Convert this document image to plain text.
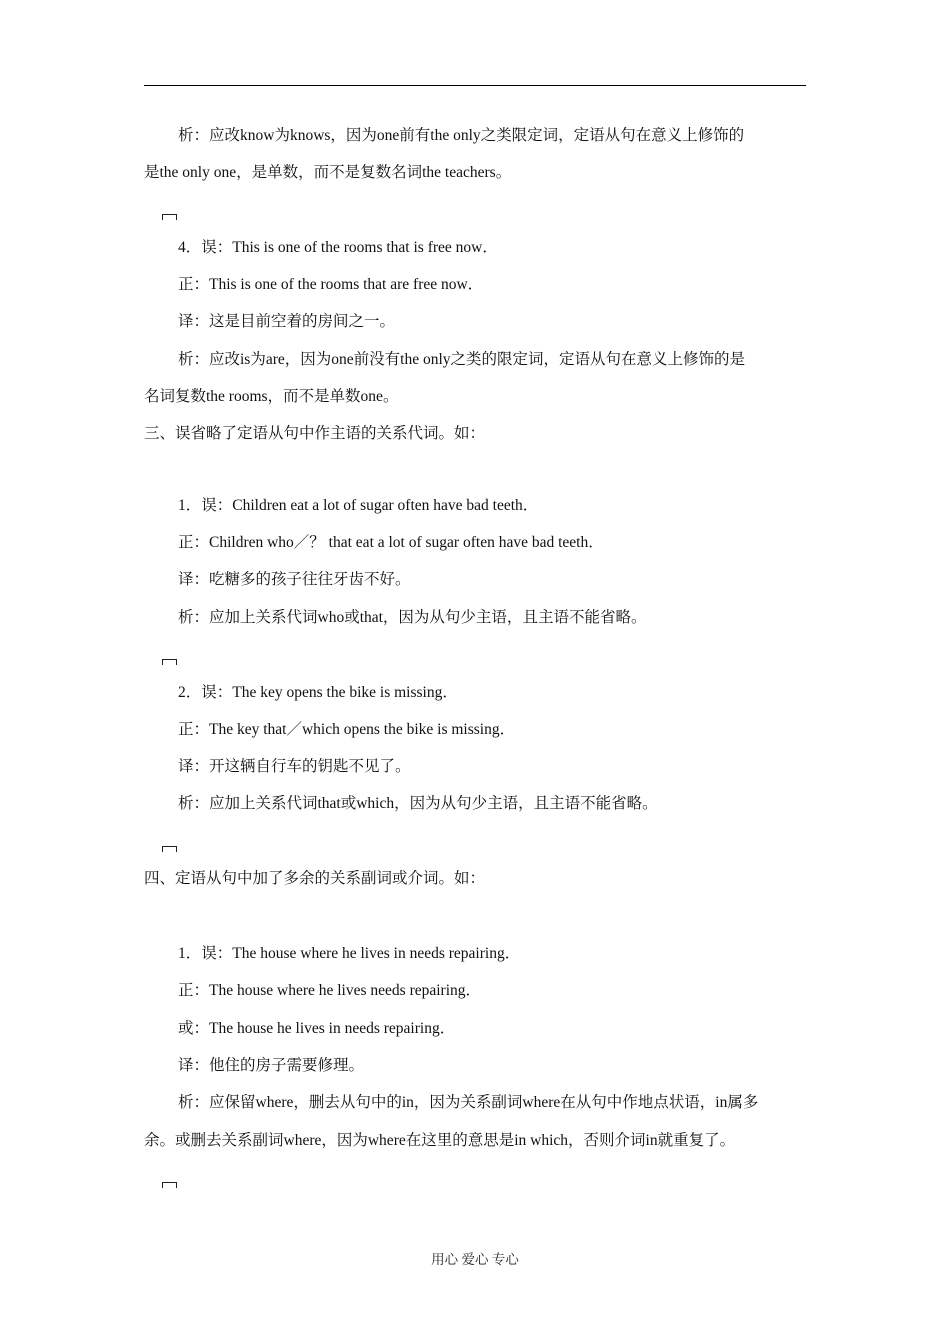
析：应改know为knows，因为one前有the only之类限定词，定语从句在意义上修饰的
是the only one，是单数，而不是复数名词the teachers。
4．误：This is one of the rooms that is free now．
正：This is one of the rooms that are free now．
译：这是目前空着的房间之一。
析：应改is为are，因为one前没有the only之类的限定词，定语从句在意义上修饰的是
名词复数the rooms，而不是单数one。
三、误省略了定语从句中作主语的关系代词。如：
1．误：Children eat a lot of sugar often have bad teeth．
正：Children who／？ that eat a lot of sugar often have bad teeth．
译：吃糖多的孩子往往牙齿不好。
析：应加上关系代词who或that，因为从句少主语，且主语不能省略。
2．误：The key opens the bike is missing．
正：The key that／which opens the bike is missing．
译：开这辆自行车的钥匙不见了。
析：应加上关系代词that或which，因为从句少主语，且主语不能省略。
四、定语从句中加了多余的关系副词或介词。如：
1．误：The house where he lives in needs repairing．
正：The house where he lives needs repairing．
或：The house he lives in needs repairing．
译：他住的房子需要修理。
析：应保留where，删去从句中的in，因为关系副词where在从句中作地点状语，in属多
余。或删去关系副词where，因为where在这里的意思是in which，否则介词in就重复了。
用心 爱心 专心
